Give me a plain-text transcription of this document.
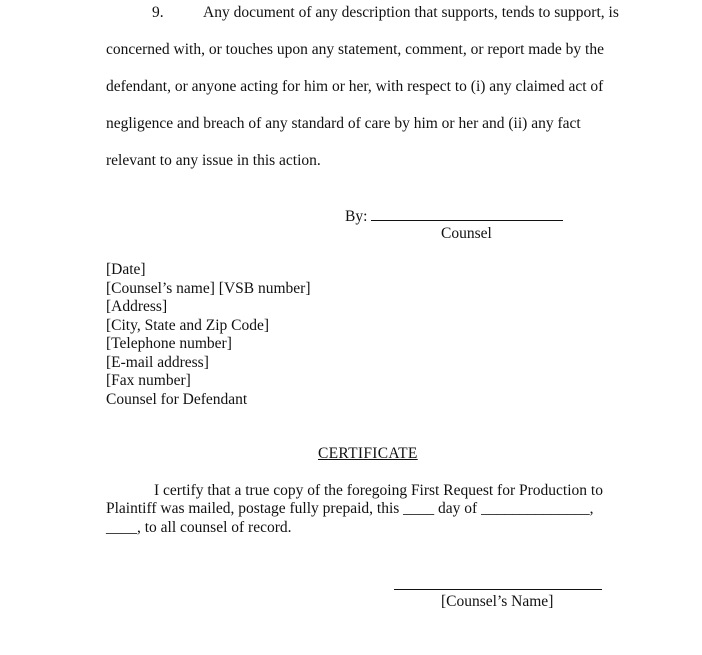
9.	Any document of any description that supports, tends to support, is
concerned with, or touches upon any statement, comment, or report made by the
defendant, or anyone acting for him or her, with respect to (i) any claimed act of
negligence and breach of any standard of care by him or her and (ii) any fact
relevant to any issue in this action.
By:
Counsel
[Date]
[Counsel’s name] [VSB number]
[Address]
[City, State and Zip Code]
[Telephone number]
[E-mail address]
[Fax number]
Counsel for Defendant
CERTIFICATE
I certify that a true copy of the foregoing First Request for Production to
Plaintiff was mailed, postage fully prepaid, this ____ day of ______________,
____, to all counsel of record.
[Counsel’s Name]
